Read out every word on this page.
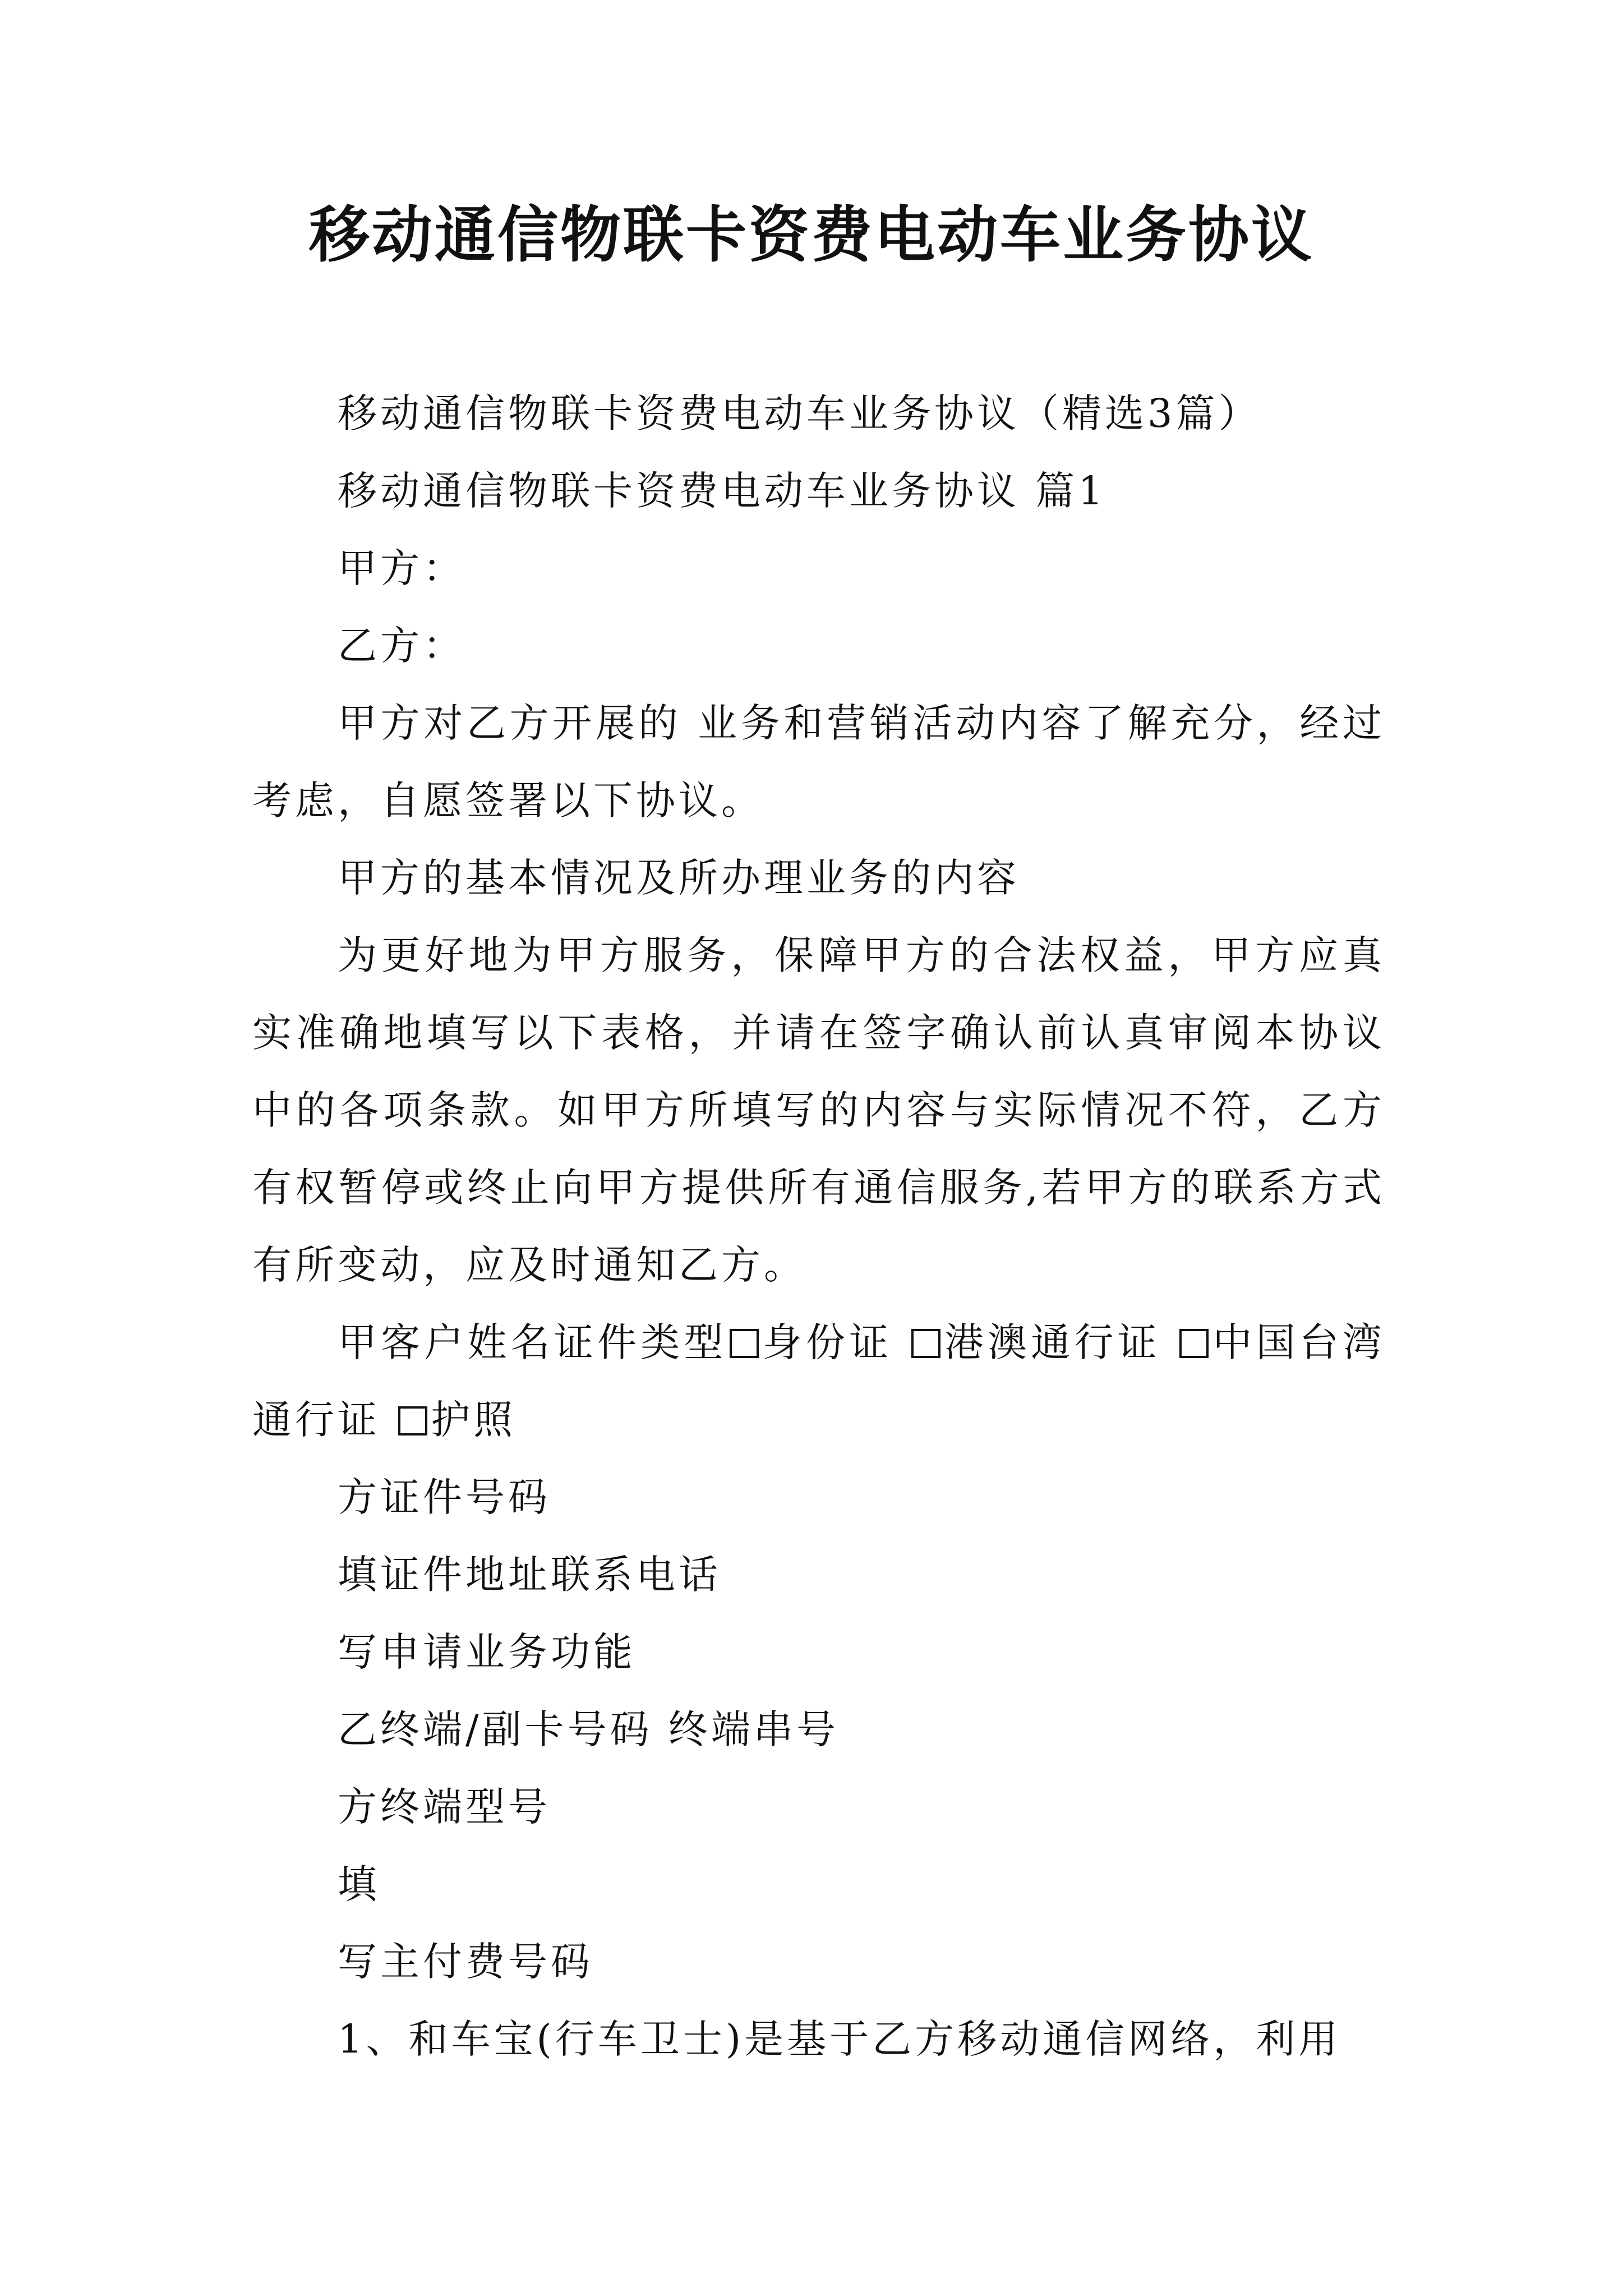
移动通信物联卡资费电动车业务协议

移动通信物联卡资费电动车业务协议（精选3篇）

移动通信物联卡资费电动车业务协议 篇1

甲方：

乙方：

甲方对乙方开展的 业务和营销活动内容了解充分，经过考虑，自愿签署以下协议。

甲方的基本情况及所办理业务的内容

为更好地为甲方服务，保障甲方的合法权益，甲方应真实准确地填写以下表格，并请在签字确认前认真审阅本协议中的各项条款。如甲方所填写的内容与实际情况不符，乙方有权暂停或终止向甲方提供所有通信服务,若甲方的联系方式有所变动，应及时通知乙方。

甲客户姓名证件类型 身份证 港澳通行证 中国台湾通行证 护照

方证件号码

填证件地址联系电话

写申请业务功能

乙终端/副卡号码 终端串号

方终端型号

填

写主付费号码

1、和车宝(行车卫士)是基于乙方移动通信网络，利用
